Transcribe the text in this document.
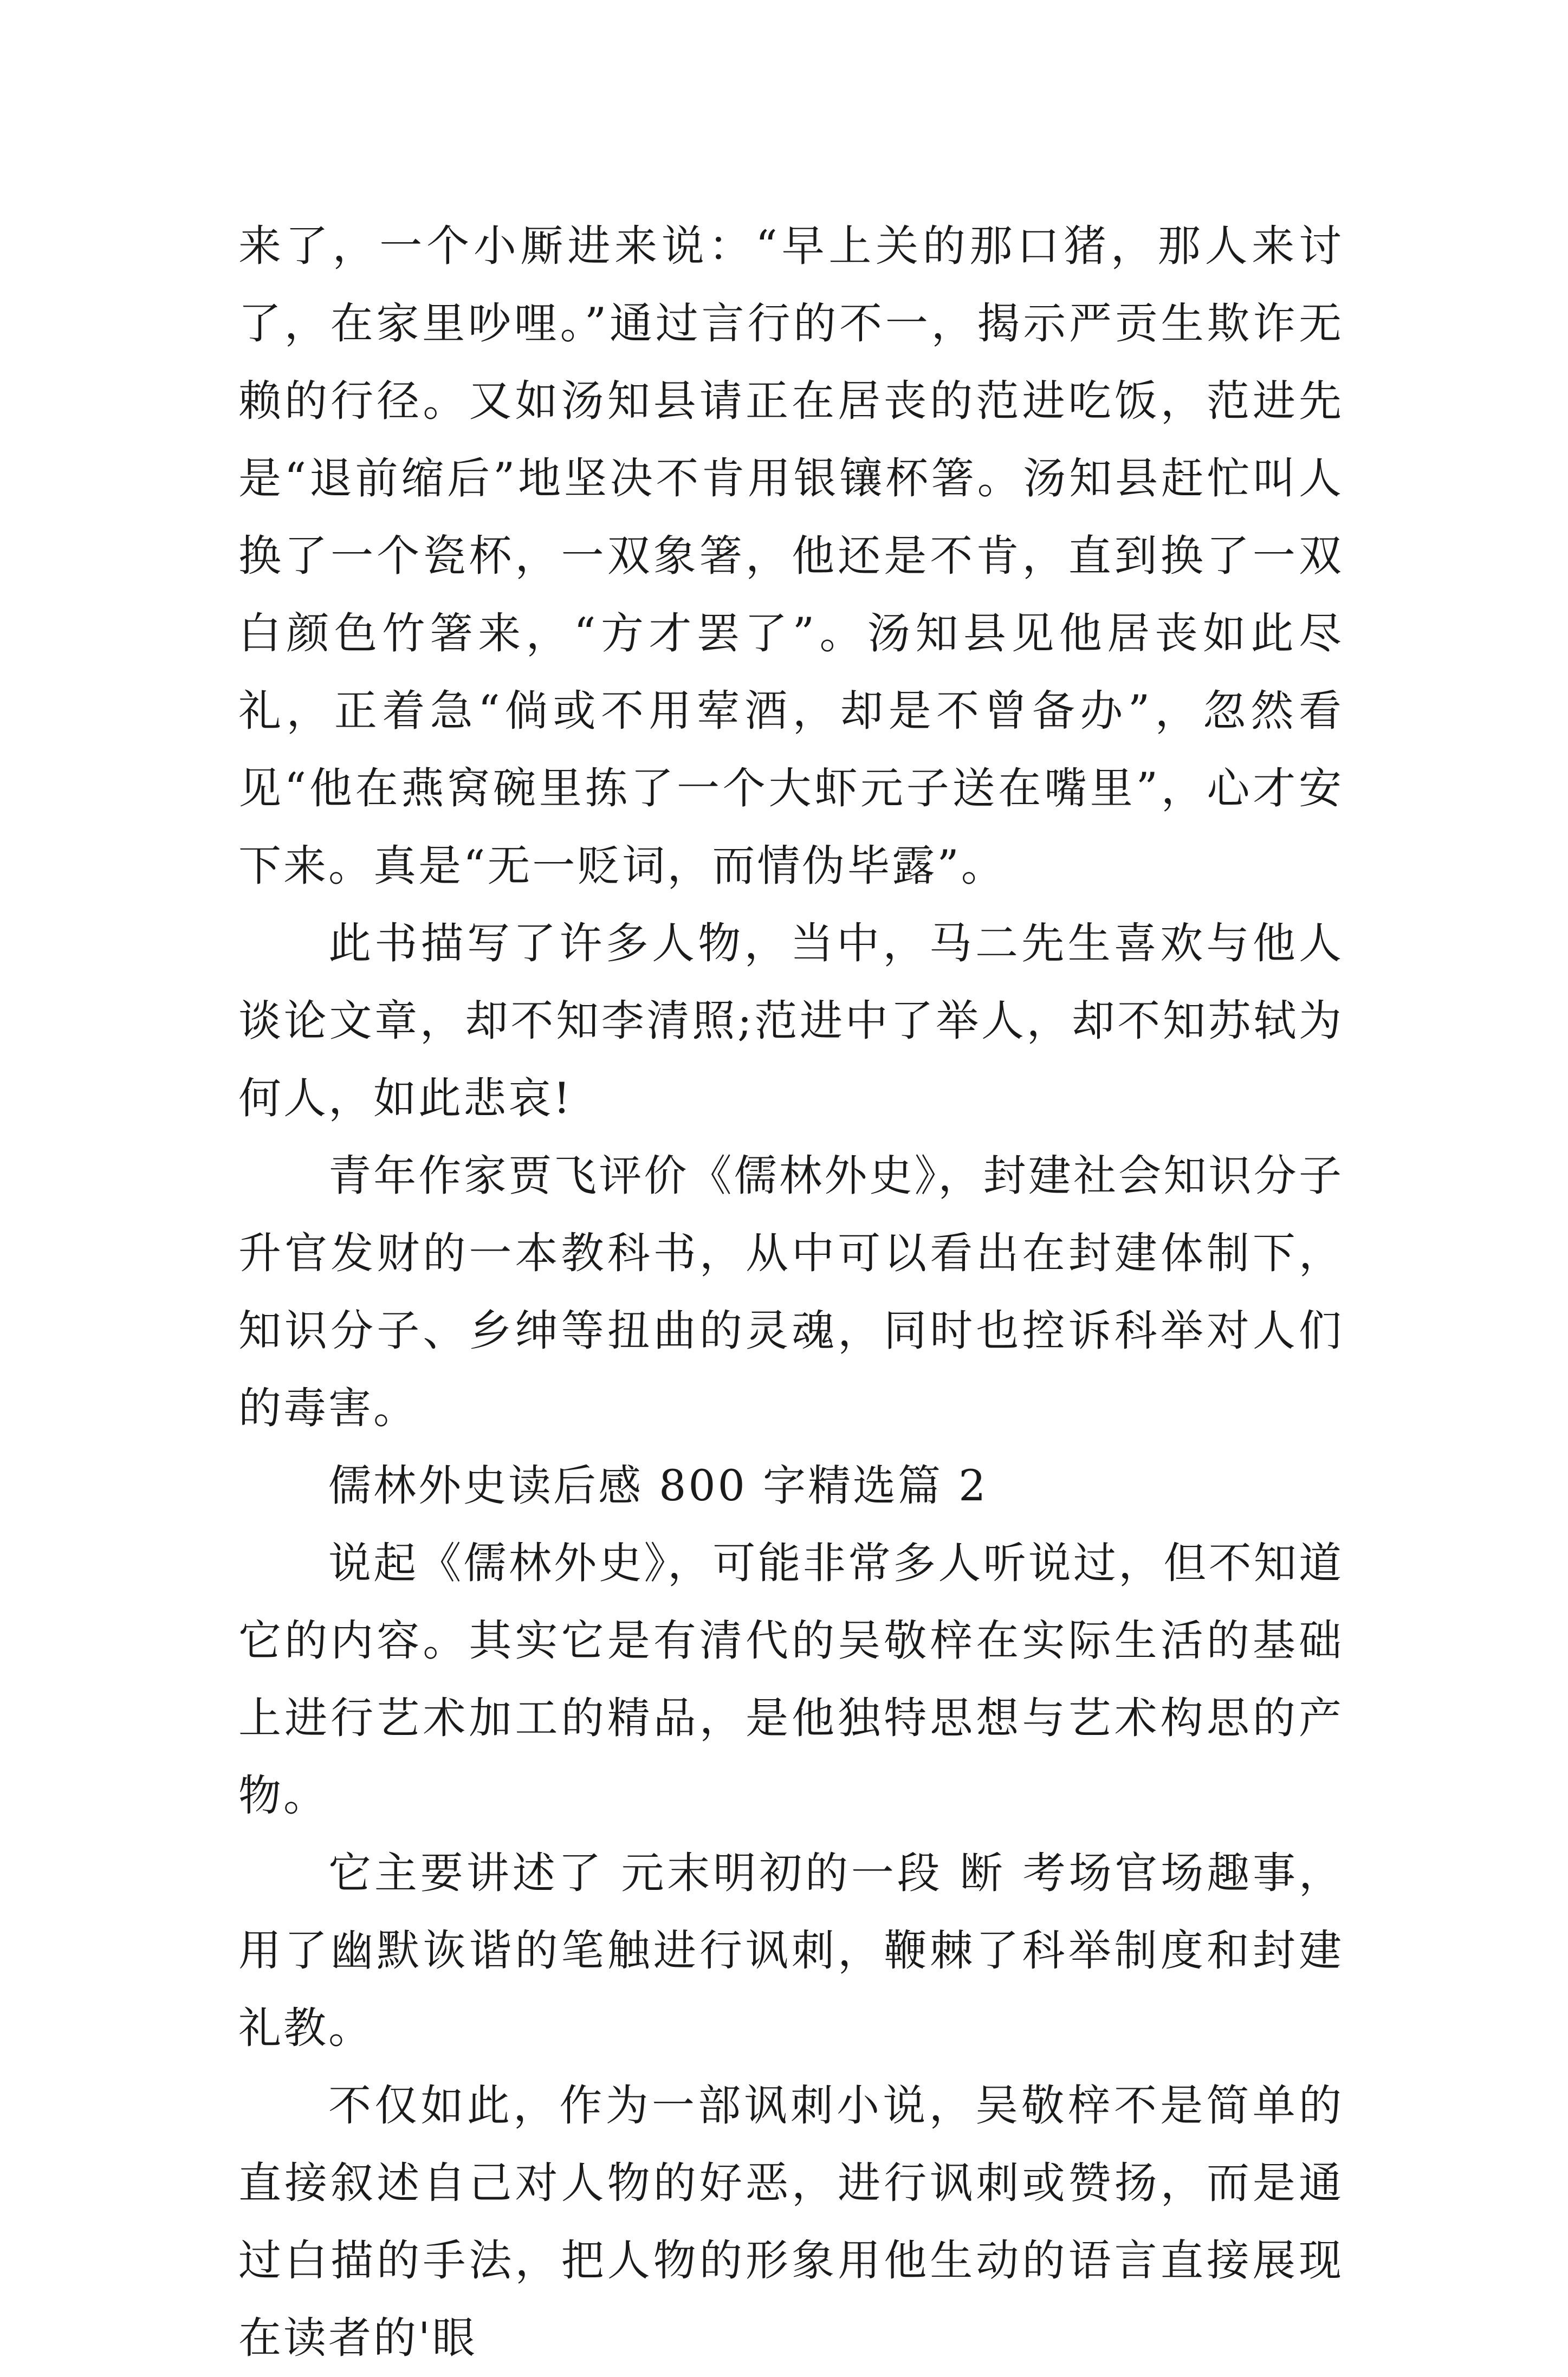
来了，一个小厮进来说：“早上关的那口猪，那人来讨了，在家里吵哩。”通过言行的不一，揭示严贡生欺诈无赖的行径。又如汤知县请正在居丧的范进吃饭，范进先是“退前缩后”地坚决不肯用银镶杯箸。汤知县赶忙叫人换了一个瓷杯，一双象箸，他还是不肯，直到换了一双白颜色竹箸来，“方才罢了”。汤知县见他居丧如此尽礼，正着急“倘或不用荤酒，却是不曾备办”，忽然看见“他在燕窝碗里拣了一个大虾元子送在嘴里”，心才安下来。真是“无一贬词，而情伪毕露”。

此书描写了许多人物，当中，马二先生喜欢与他人谈论文章，却不知李清照;范进中了举人，却不知苏轼为何人，如此悲哀!

青年作家贾飞评价《儒林外史》，封建社会知识分子升官发财的一本教科书，从中可以看出在封建体制下，知识分子、乡绅等扭曲的灵魂，同时也控诉科举对人们的毒害。

儒林外史读后感 800 字精选篇 2

说起《儒林外史》，可能非常多人听说过，但不知道它的内容。其实它是有清代的吴敬梓在实际生活的基础上进行艺术加工的精品，是他独特思想与艺术构思的产物。

它主要讲述了 元末明初的一段 断 考场官场趣事，用了幽默诙谐的笔触进行讽刺，鞭棘了科举制度和封建礼教。

不仅如此，作为一部讽刺小说，吴敬梓不是简单的直接叙述自己对人物的好恶，进行讽刺或赞扬，而是通过白描的手法，把人物的形象用他生动的语言直接展现在读者的'眼
